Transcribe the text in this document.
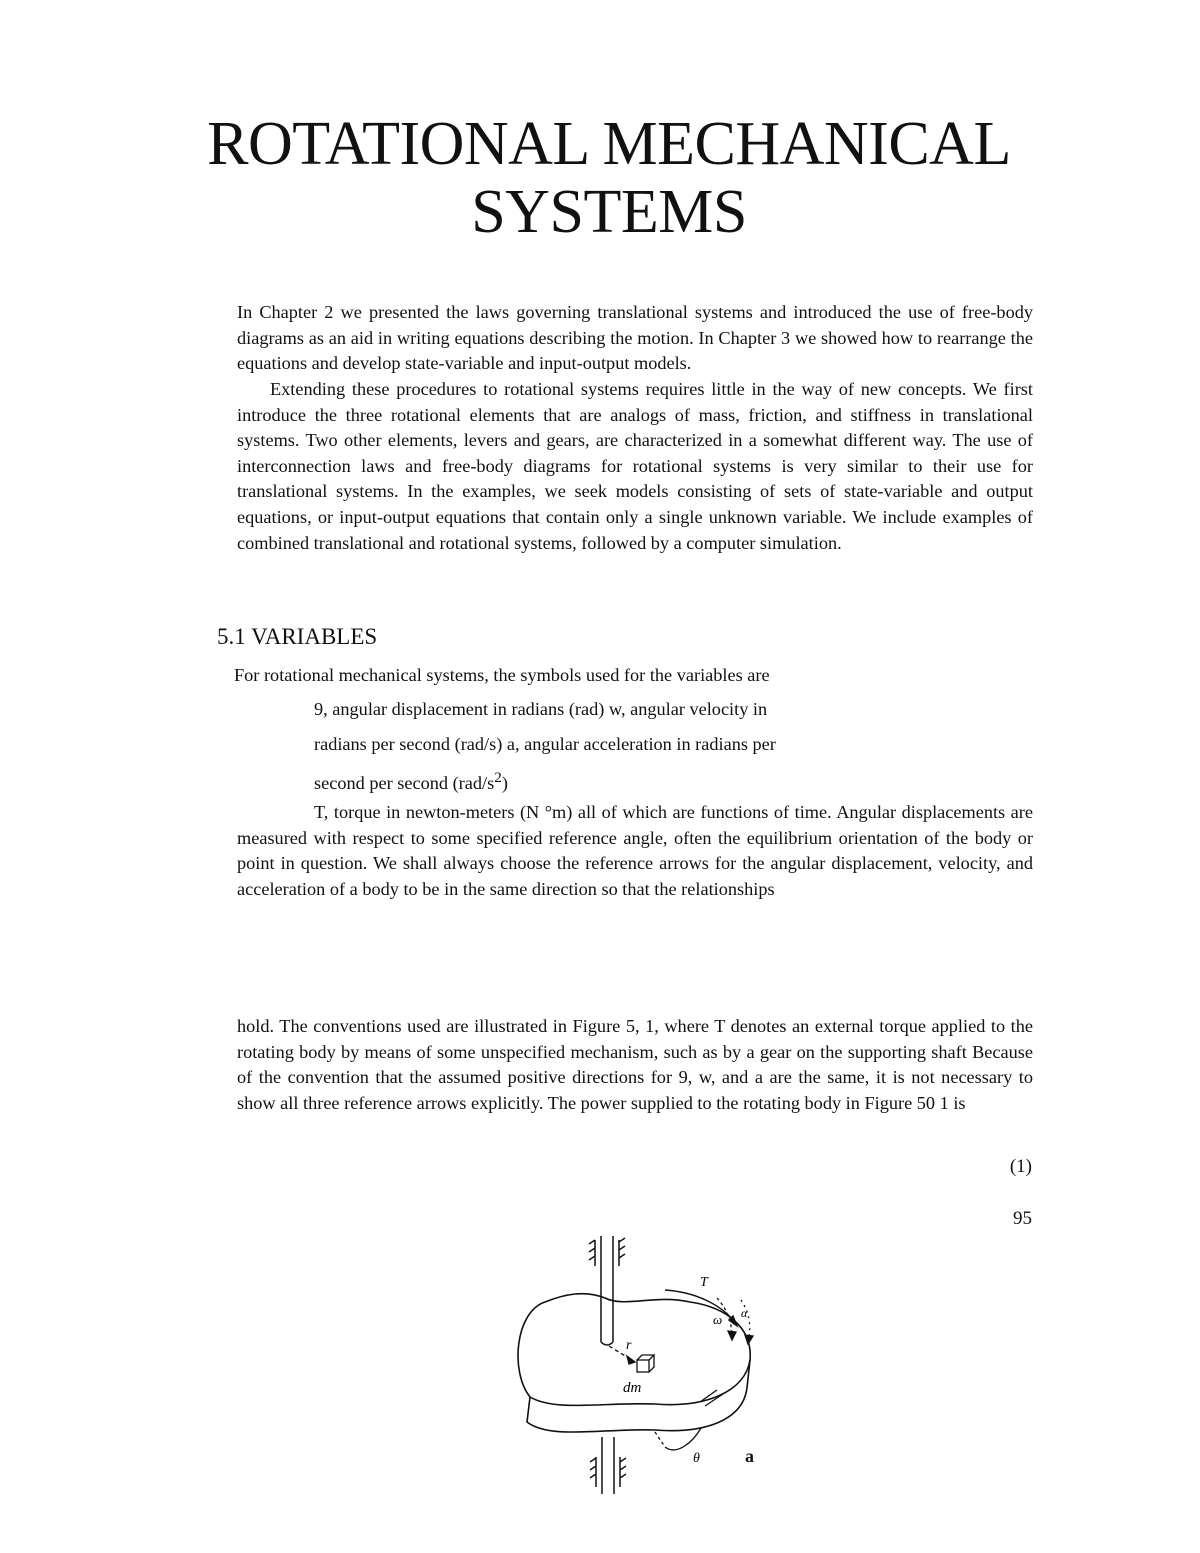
ROTATIONAL MECHANICAL
SYSTEMS

In Chapter 2 we presented the laws governing translational systems and introduced the use of free-body diagrams as an aid in writing equations describing the motion. In Chapter 3 we showed how to rearrange the equations and develop state-variable and input-output models.

Extending these procedures to rotational systems requires little in the way of new concepts. We first introduce the three rotational elements that are analogs of mass, friction, and stiffness in translational systems. Two other elements, levers and gears, are characterized in a somewhat different way. The use of interconnection laws and free-body diagrams for rotational systems is very similar to their use for translational systems. In the examples, we seek models consisting of sets of state-variable and output equations, or input-output equations that contain only a single unknown variable. We include examples of combined translational and rotational systems, followed by a computer simulation.

5.1 VARIABLES

For rotational mechanical systems, the symbols used for the variables are

9, angular displacement in radians (rad) w, angular velocity in

radians per second (rad/s) a, angular acceleration in radians per

second per second $(rad/s^2)$

T, torque in newton-meters (N °m) all of which are functions of time. Angular displacements are measured with respect to some specified reference angle, often the equilibrium orientation of the body or point in question. We shall always choose the reference arrows for the angular displacement, velocity, and acceleration of a body to be in the same direction so that the relationships

hold. The conventions used are illustrated in Figure 5, 1, where T denotes an external torque applied to the rotating body by means of some unspecified mechanism, such as by a gear on the supporting shaft Because of the convention that the assumed positive directions for 9, w, and a are the same, it is not necessary to show all three reference arrows explicitly. The power supplied to the rotating body in Figure 50 1 is

(1)
95
r
dm
T
ω α
θ	a
